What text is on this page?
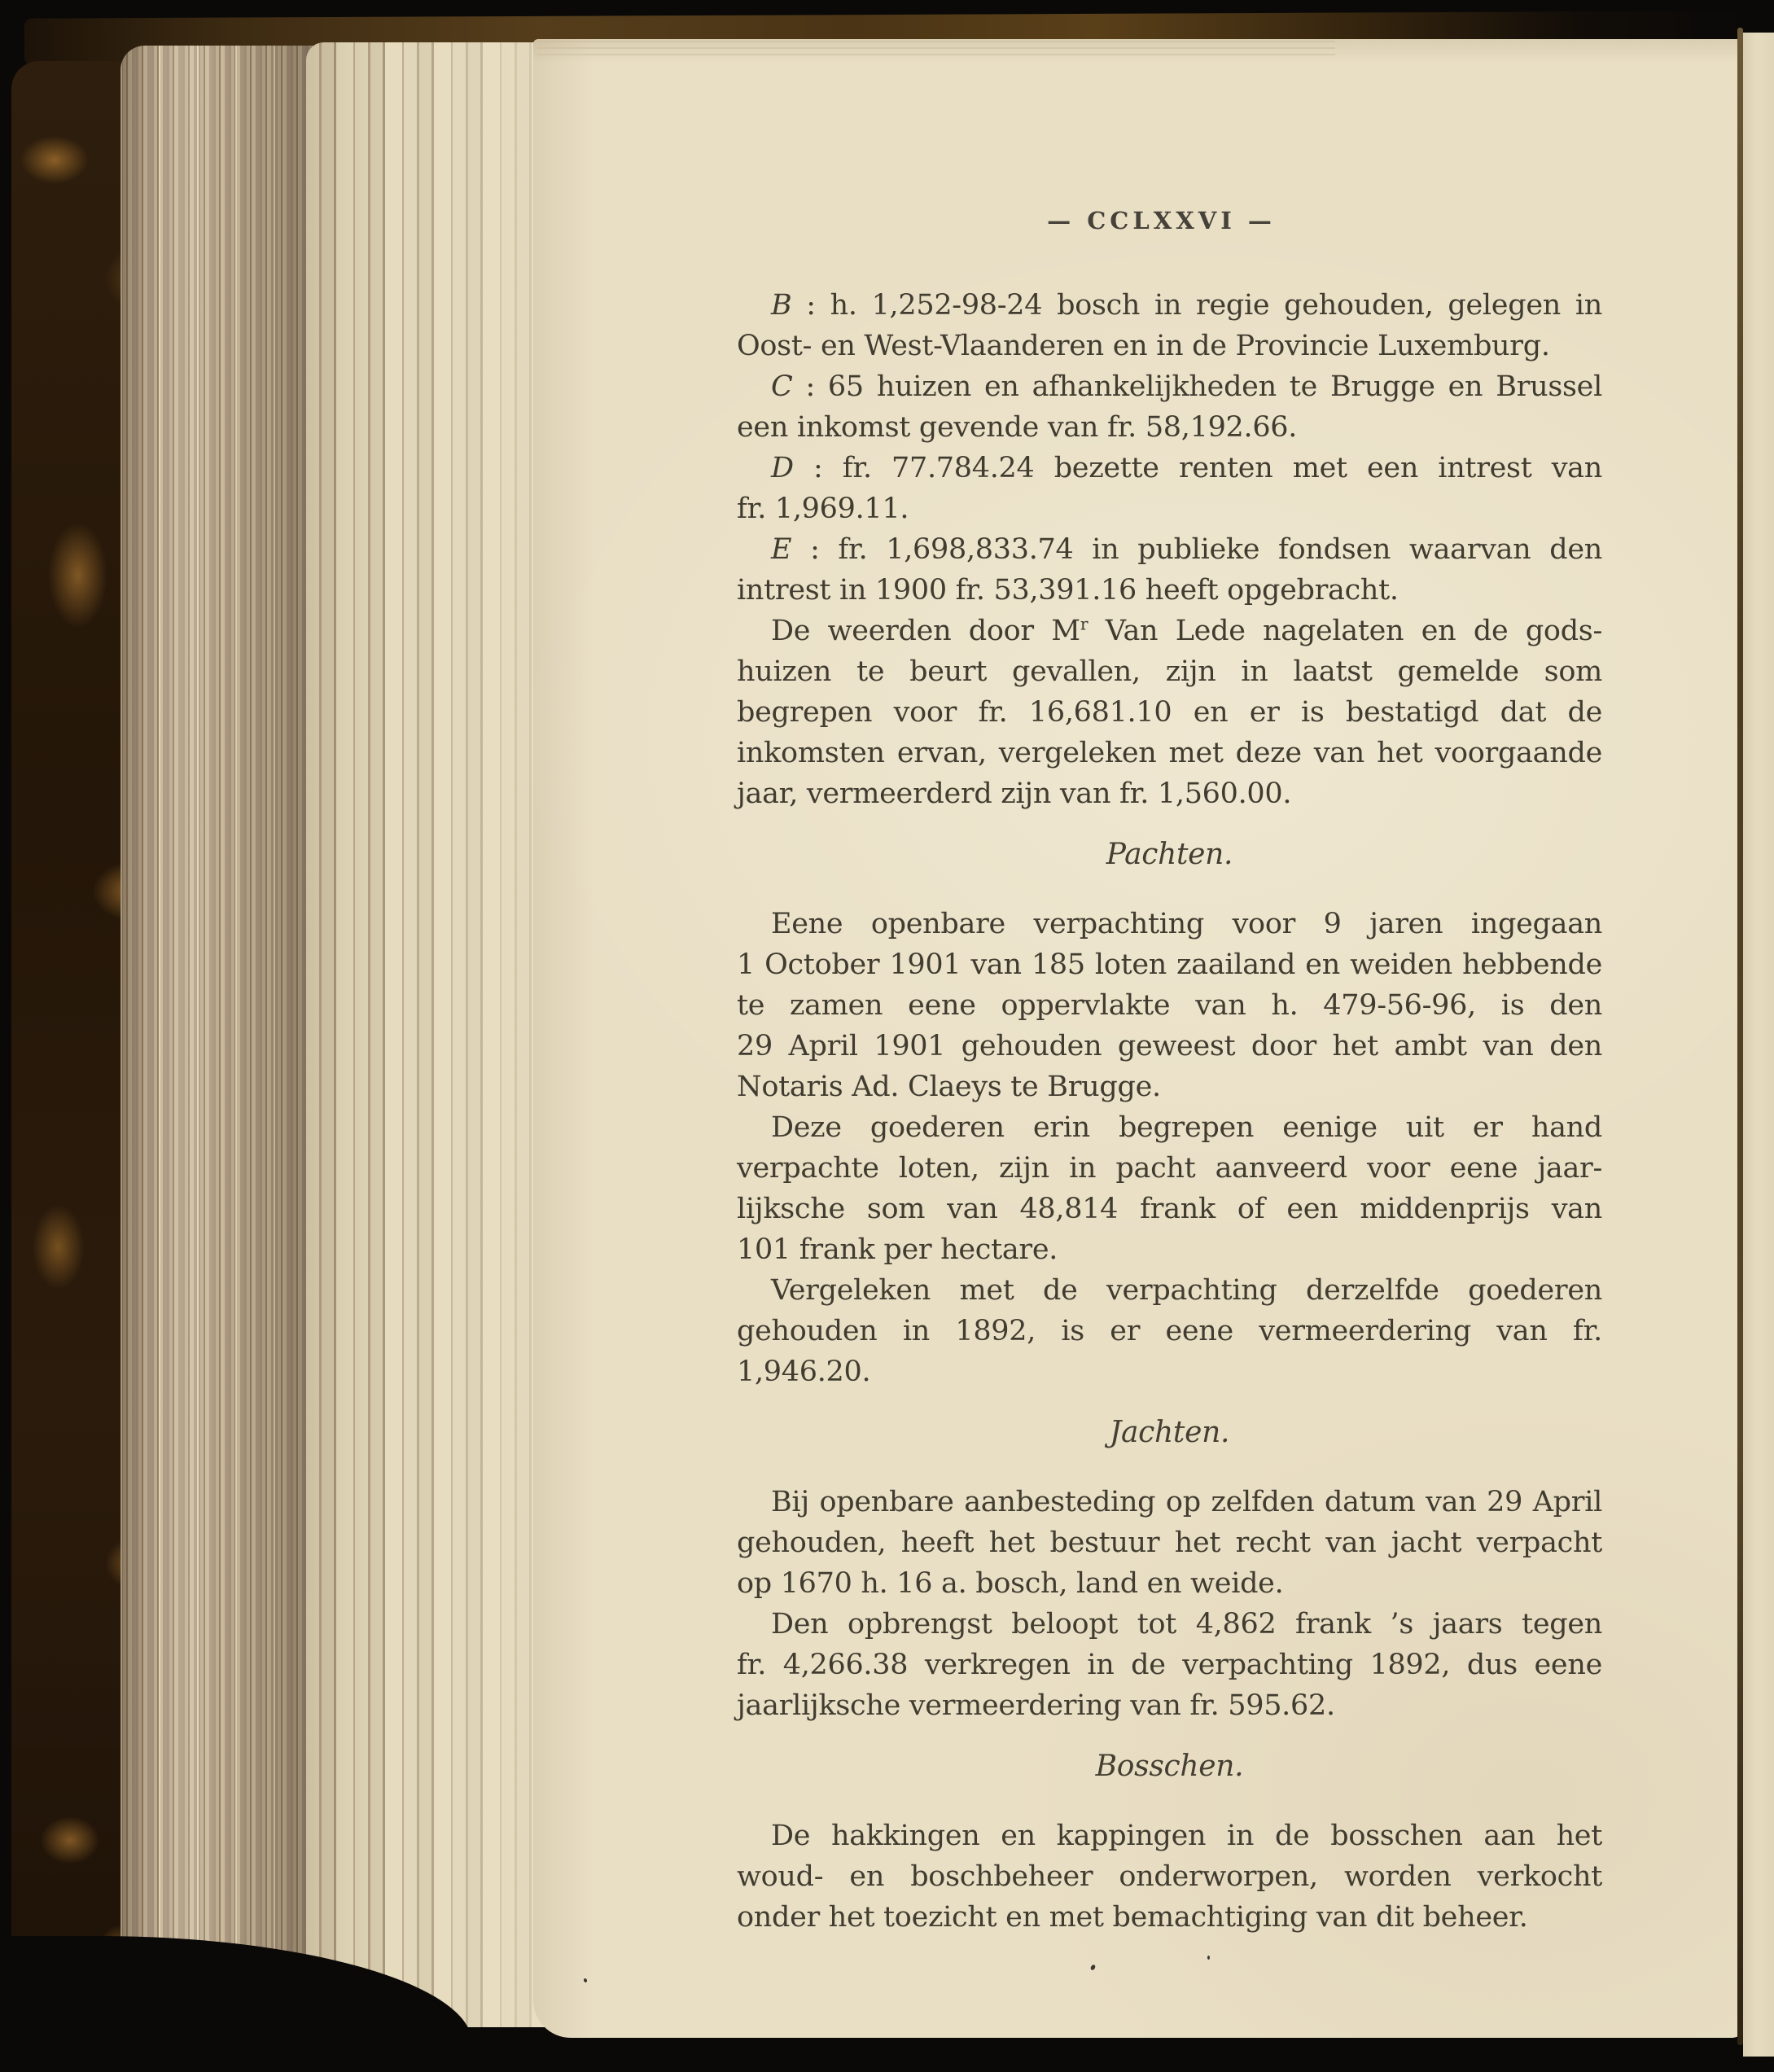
— CCLXXVI —
B : h. 1,252-98-24 bosch in regie gehouden, gelegen in
Oost- en West-Vlaanderen en in de Provincie Luxemburg.
C : 65 huizen en afhankelijkheden te Brugge en Brussel
een inkomst gevende van fr. 58,192.66.
D : fr. 77.784.24 bezette renten met een intrest van
fr. 1,969.11.
E : fr. 1,698,833.74 in publieke fondsen waarvan den
intrest in 1900 fr. 53,391.16 heeft opgebracht.
De weerden door $M^r$ Van Lede nagelaten en de gods-
huizen te beurt gevallen, zijn in laatst gemelde som
begrepen voor fr. 16,681.10 en er is bestatigd dat de
inkomsten ervan, vergeleken met deze van het voorgaande
jaar, vermeerderd zijn van fr. 1,560.00.
Pachten.
Eene openbare verpachting voor 9 jaren ingegaan
1 October 1901 van 185 loten zaailand en weiden hebbende
te zamen eene oppervlakte van h. 479-56-96, is den
29 April 1901 gehouden geweest door het ambt van den
Notaris Ad. Claeys te Brugge.
Deze goederen erin begrepen eenige uit er hand
verpachte loten, zijn in pacht aanveerd voor eene jaar-
lijksche som van 48,814 frank of een middenprijs van
101 frank per hectare.
Vergeleken met de verpachting derzelfde goederen
gehouden in 1892, is er eene vermeerdering van fr. 1,946.20.
Jachten.
Bij openbare aanbesteding op zelfden datum van 29 April
gehouden, heeft het bestuur het recht van jacht verpacht
op 1670 h. 16 a. bosch, land en weide.
Den opbrengst beloopt tot 4,862 frank ’s jaars tegen
fr. 4,266.38 verkregen in de verpachting 1892, dus eene
jaarlijksche vermeerdering van fr. 595.62.
Bosschen.
De hakkingen en kappingen in de bosschen aan het
woud- en boschbeheer onderworpen, worden verkocht
onder het toezicht en met bemachtiging van dit beheer.
